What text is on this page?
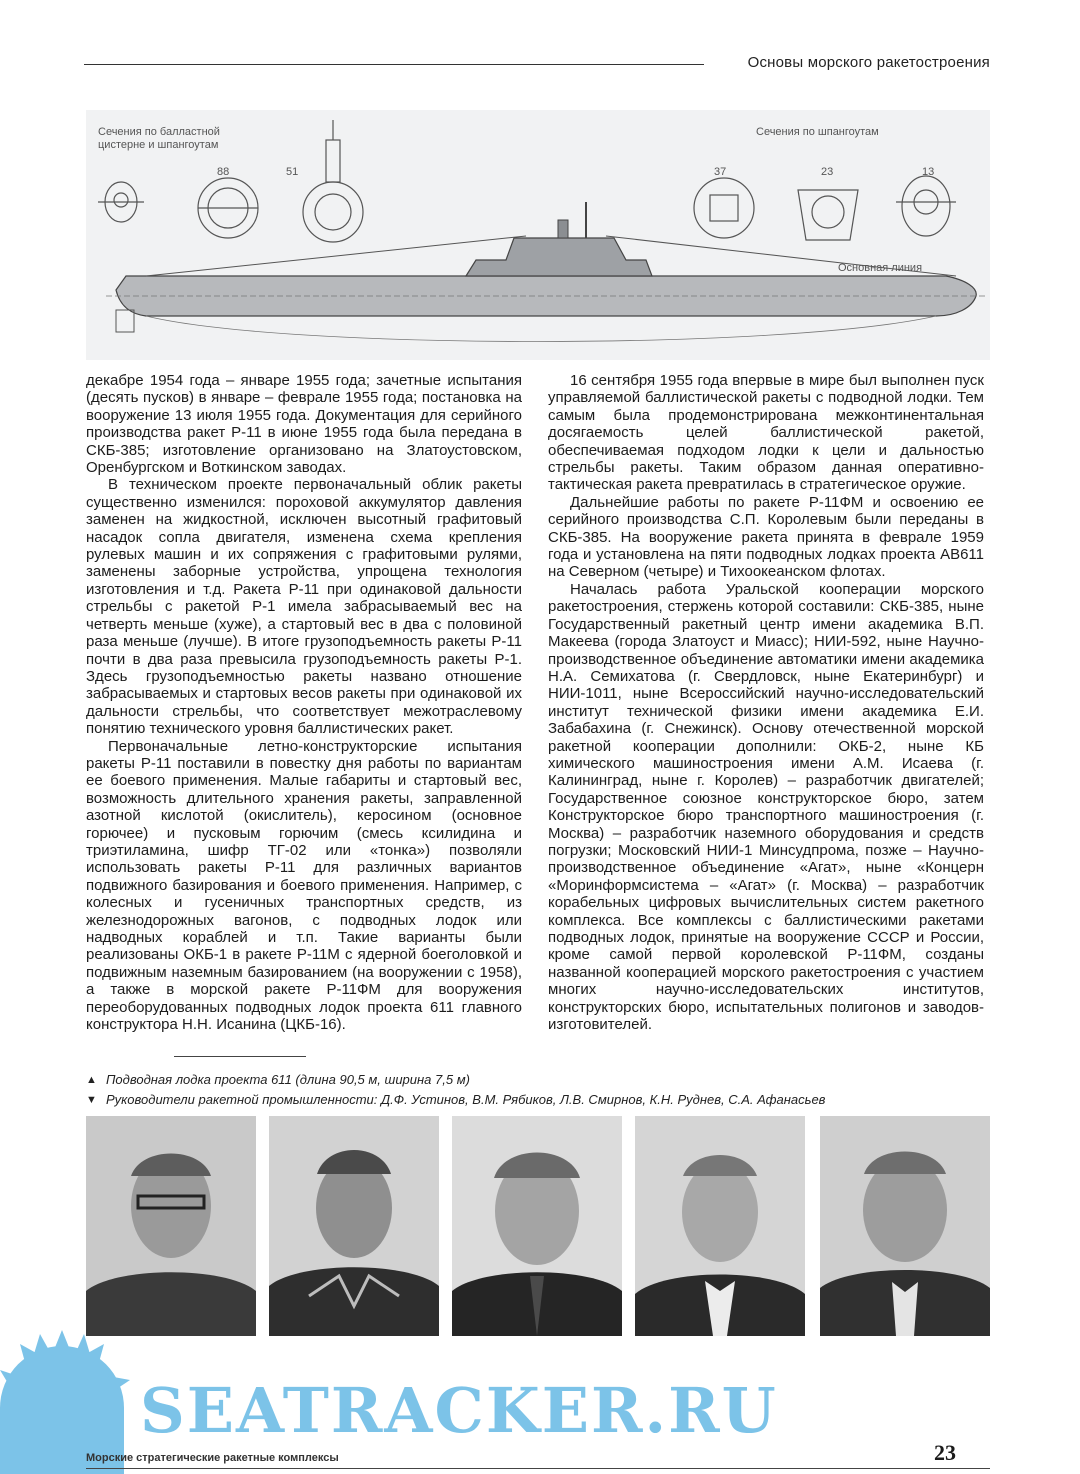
Основы морского ракетостроения
Сечения по балластной цистерне и шпангоутам
Сечения по шпангоутам
88	51	37	23	13
Основная линия

декабре 1954 года – январе 1955 года; зачетные испытания (десять пусков) в январе – феврале 1955 года; постановка на вооружение 13 июля 1955 года. Документация для серийного производства ракет Р-11 в июне 1955 года была передана в СКБ-385; изготовление организовано на Златоустовском, Оренбургском и Воткинском заводах.

В техническом проекте первоначальный облик ракеты существенно изменился: пороховой аккумулятор давления заменен на жидкостной, исключен высотный графитовый насадок сопла двигателя, изменена схема крепления рулевых машин и их сопряжения с графитовыми рулями, заменены заборные устройства, упрощена технология изготовления и т.д. Ракета Р-11 при одинаковой дальности стрельбы с ракетой Р-1 имела забрасываемый вес на четверть меньше (хуже), а стартовый вес в два с половиной раза меньше (лучше). В итоге грузоподъемность ракеты Р-11 почти в два раза превысила грузоподъемность ракеты Р-1. Здесь грузоподъемностью ракеты названо отношение забрасываемых и стартовых весов ракеты при одинаковой их дальности стрельбы, что соответствует межотраслевому понятию технического уровня баллистических ракет.

Первоначальные летно-конструкторские испытания ракеты Р-11 поставили в повестку дня работы по вариантам ее боевого применения. Малые габариты и стартовый вес, возможность длительного хранения ракеты, заправленной азотной кислотой (окислитель), керосином (основное горючее) и пусковым горючим (смесь ксилидина и триэтиламина, шифр ТГ-02 или «тонка») позволяли использовать ракеты Р-11 для различных вариантов подвижного базирования и боевого применения. Например, с колесных и гусеничных транспортных средств, из железнодорожных вагонов, с подводных лодок или надводных кораблей и т.п. Такие варианты были реализованы ОКБ-1 в ракете Р-11М с ядерной боеголовкой и подвижным наземным базированием (на вооружении с 1958), а также в морской ракете Р-11ФМ для вооружения переоборудованных подводных лодок проекта 611 главного конструктора Н.Н. Исанина (ЦКБ-16).

16 сентября 1955 года впервые в мире был выполнен пуск управляемой баллистической ракеты с подводной лодки. Тем самым была продемонстрирована межконтинентальная досягаемость целей баллистической ракетой, обеспечиваемая подходом лодки к цели и дальностью стрельбы ракеты. Таким образом данная оперативно-тактическая ракета превратилась в стратегическое оружие.

Дальнейшие работы по ракете Р-11ФМ и освоению ее серийного производства С.П. Королевым были переданы в СКБ-385. На вооружение ракета принята в феврале 1959 года и установлена на пяти подводных лодках проекта АВ611 на Северном (четыре) и Тихоокеанском флотах.

Началась работа Уральской кооперации морского ракетостроения, стержень которой составили: СКБ-385, ныне Государственный ракетный центр имени академика В.П. Макеева (города Златоуст и Миасс); НИИ-592, ныне Научно-производственное объединение автоматики имени академика Н.А. Семихатова (г. Свердловск, ныне Екатеринбург) и НИИ-1011, ныне Всероссийский научно-исследовательский институт технической физики имени академика Е.И. Забабахина (г. Снежинск). Основу отечественной морской ракетной кооперации дополнили: ОКБ-2, ныне КБ химического машиностроения имени А.М. Исаева (г. Калининград, ныне г. Королев) – разработчик двигателей; Государственное союзное конструкторское бюро, затем Конструкторское бюро транспортного машиностроения (г. Москва) – разработчик наземного оборудования и средств погрузки; Московский НИИ-1 Минсудпрома, позже – Научно-производственное объединение «Агат», ныне «Концерн «Моринформсистема – «Агат» (г. Москва) – разработчик корабельных цифровых вычислительных систем ракетного комплекса. Все комплексы с баллистическими ракетами подводных лодок, принятые на вооружение СССР и России, кроме самой первой королевской Р-11ФМ, созданы названной кооперацией морского ракетостроения с участием многих научно-исследовательских институтов, конструкторских бюро, испытательных полигонов и заводов-изготовителей.

▲ Подводная лодка проекта 611 (длина 90,5 м, ширина 7,5 м)
▼ Руководители ракетной промышленности: Д.Ф. Устинов, В.М. Рябиков, Л.В. Смирнов, К.Н. Руднев, С.А. Афанасьев
Морские стратегические ракетные комплексы
SEATRACKER.RU
23
